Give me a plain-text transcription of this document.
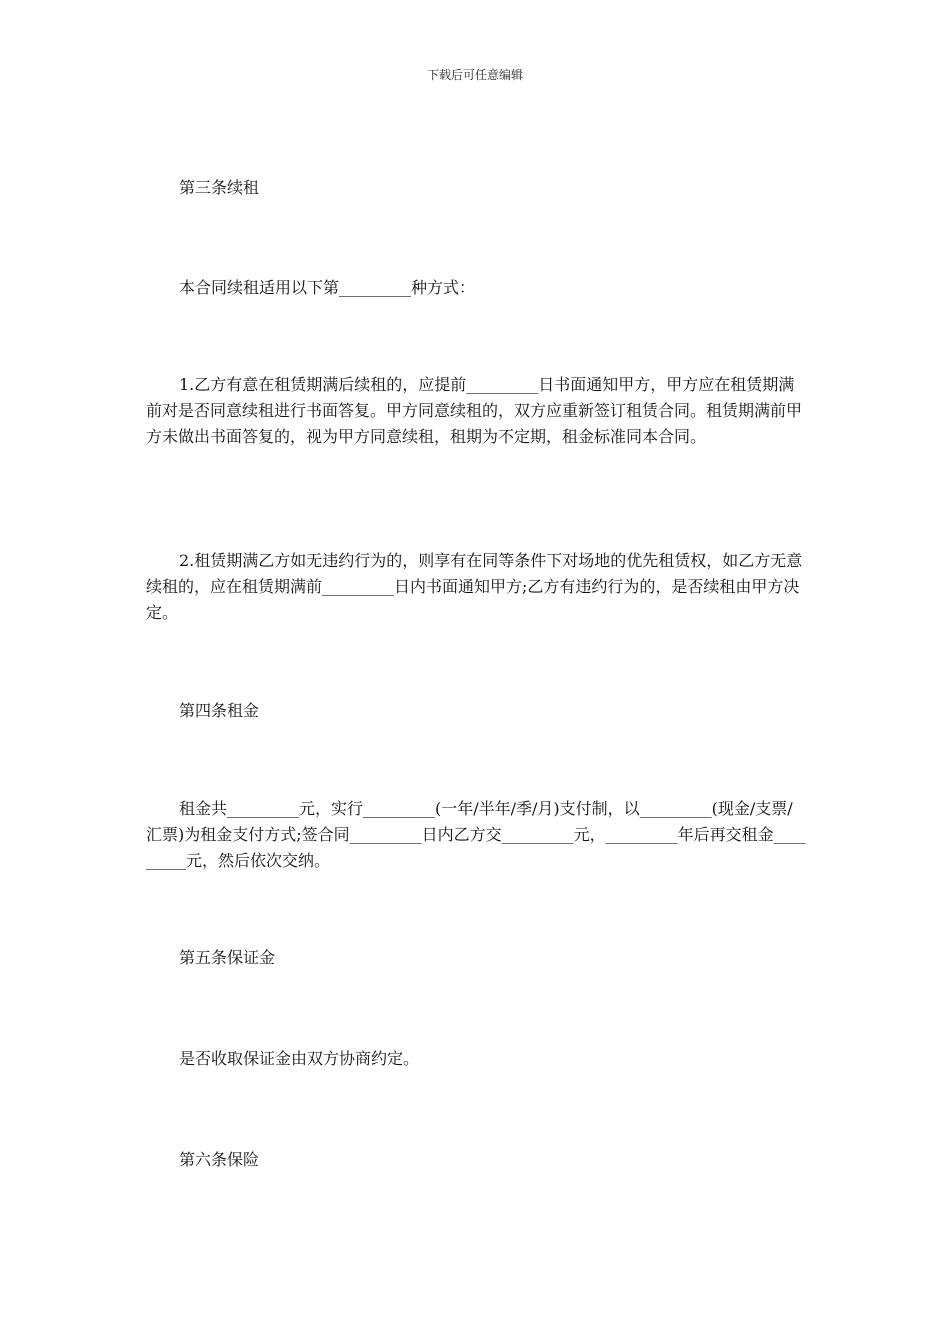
下载后可任意编辑

第三条续租

本合同续租适用以下第_________种方式：

1.乙方有意在租赁期满后续租的，应提前_________日书面通知甲方，甲方应在租赁期满前对是否同意续租进行书面答复。甲方同意续租的，双方应重新签订租赁合同。租赁期满前甲方未做出书面答复的，视为甲方同意续租，租期为不定期，租金标准同本合同。

2.租赁期满乙方如无违约行为的，则享有在同等条件下对场地的优先租赁权，如乙方无意续租的，应在租赁期满前_________日内书面通知甲方;乙方有违约行为的，是否续租由甲方决定。

第四条租金

租金共_________元，实行_________(一年/半年/季/月)支付制，以_________(现金/支票/汇票)为租金支付方式;签合同_________日内乙方交_________元，_________年后再交租金_________元，然后依次交纳。

第五条保证金

是否收取保证金由双方协商约定。

第六条保险
